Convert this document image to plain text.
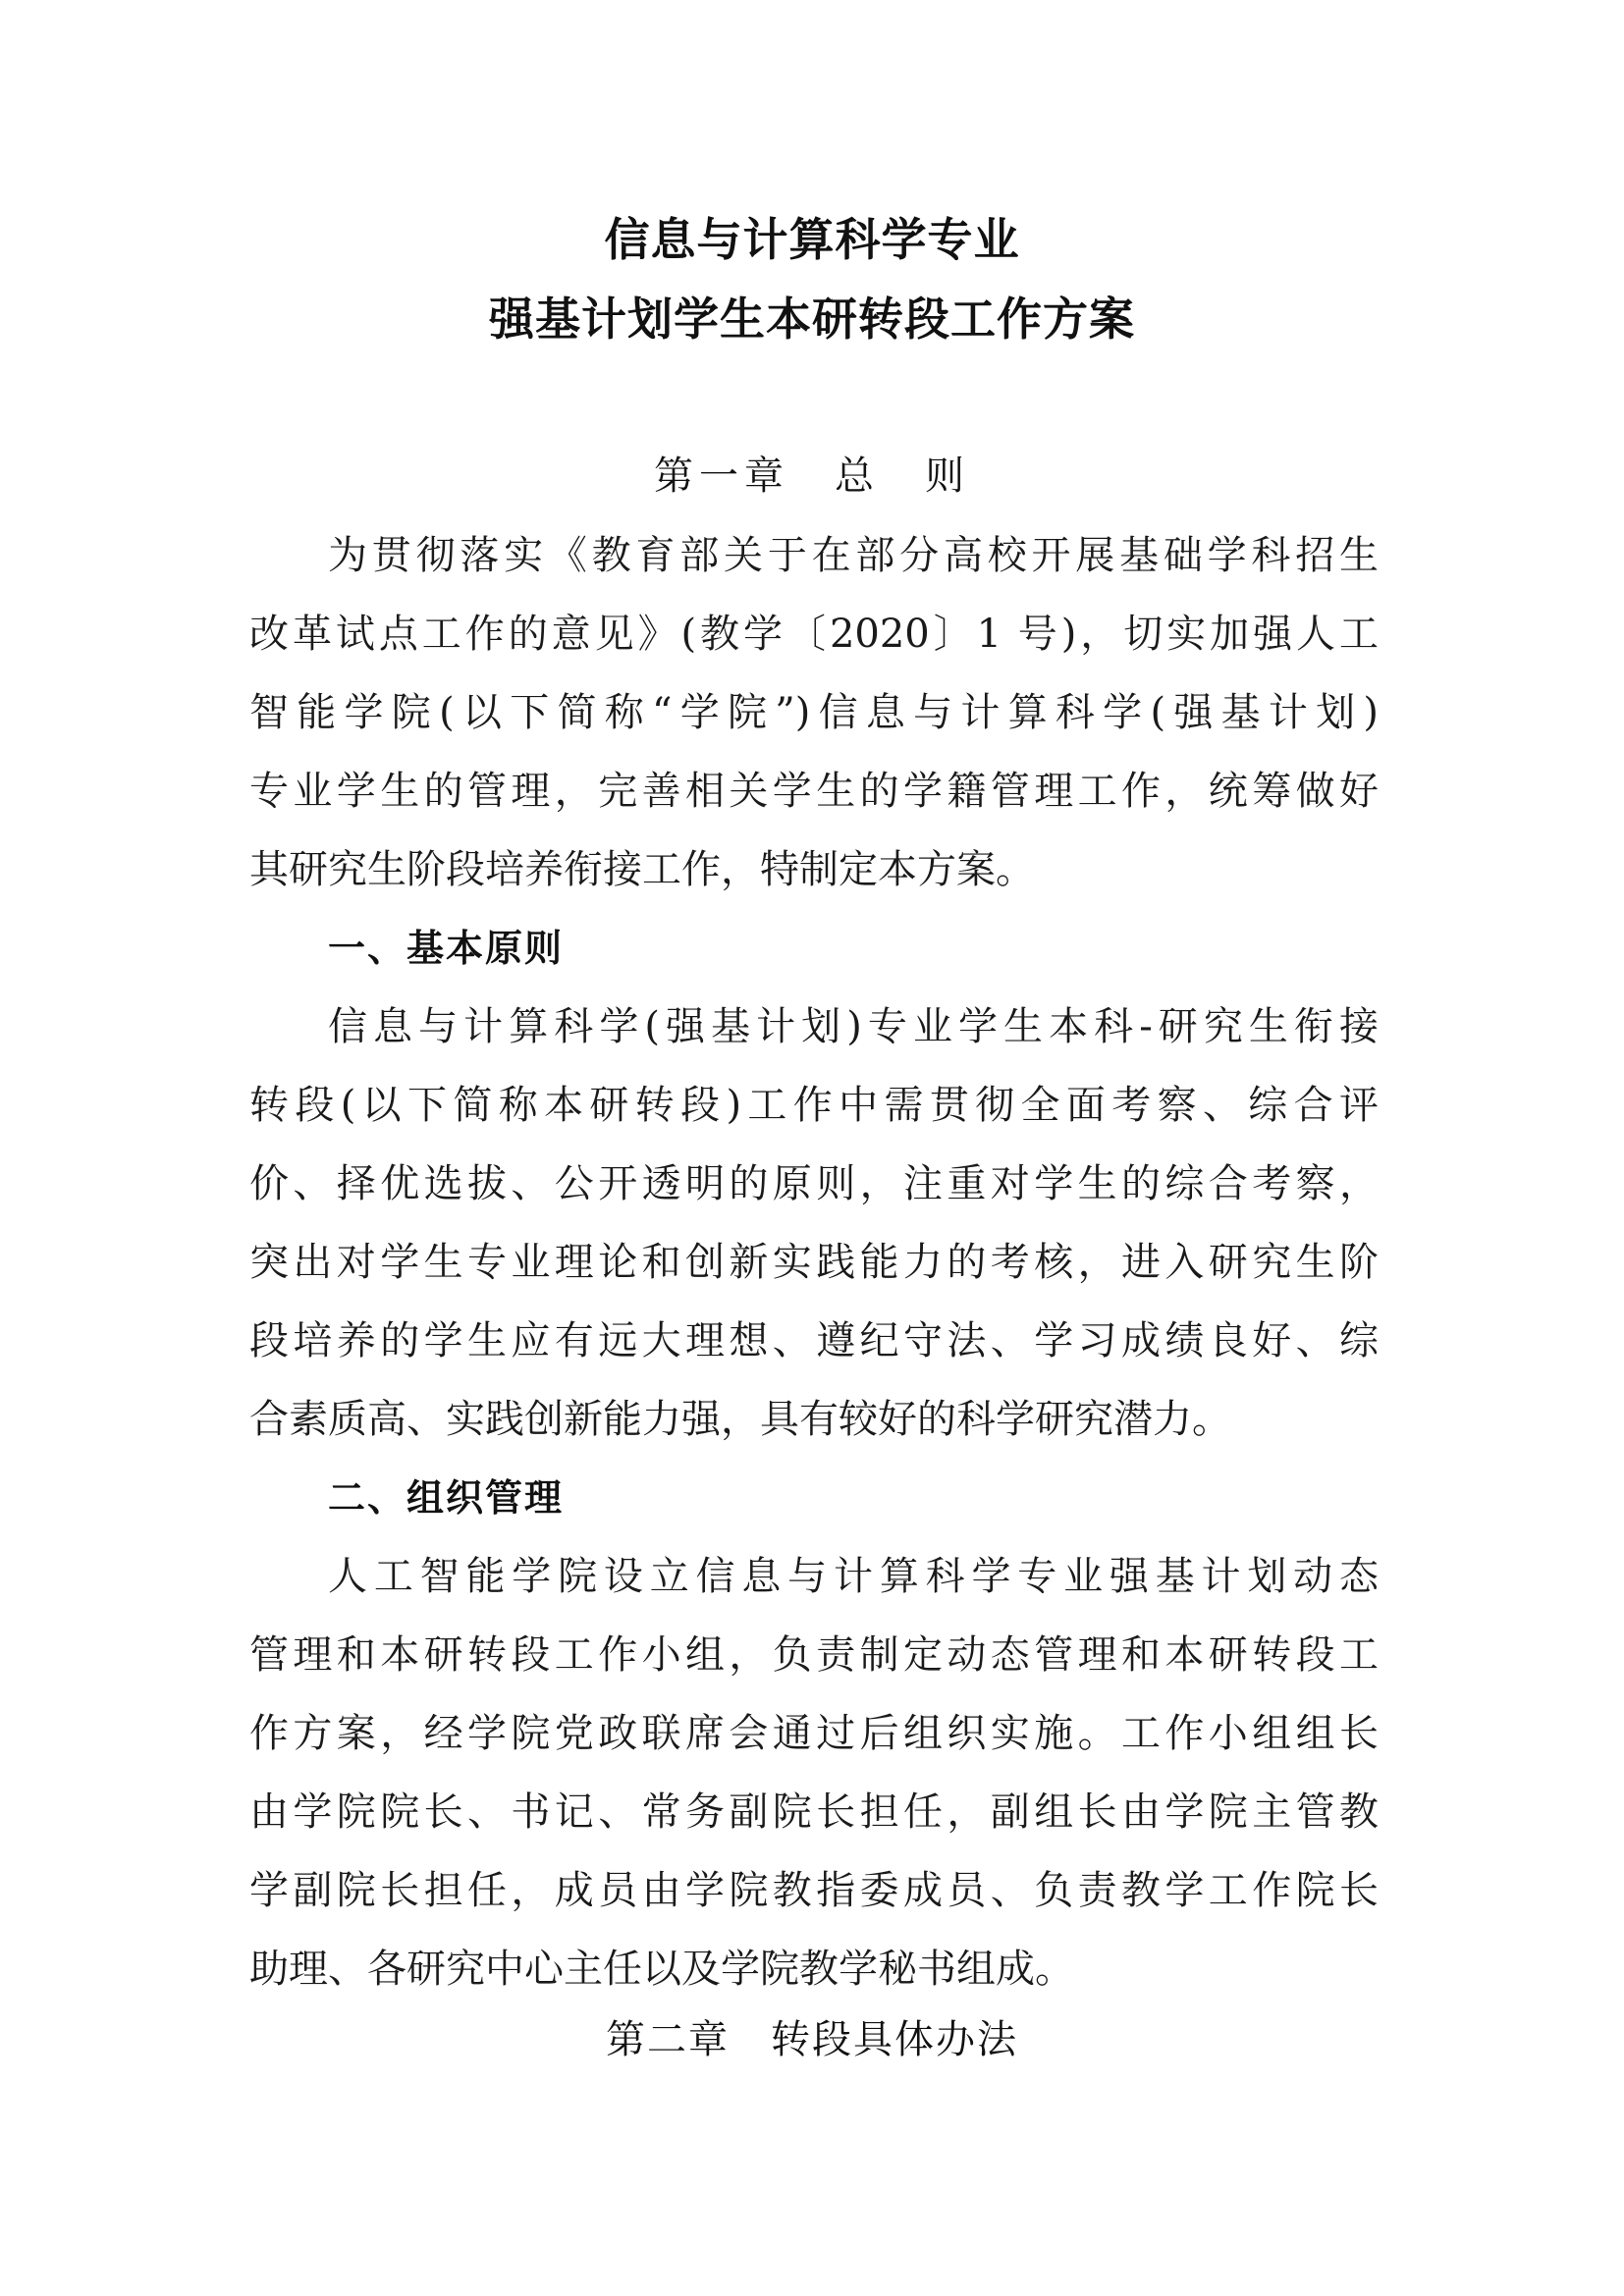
信息与计算科学专业
强基计划学生本研转段工作方案
第一章　总　则
为贯彻落实《教育部关于在部分高校开展基础学科招生
改革试点工作的意见》(教学〔2020〕1 号)，切实加强人工
智能学院(以下简称“学院”)信息与计算科学(强基计划)
专业学生的管理，完善相关学生的学籍管理工作，统筹做好
其研究生阶段培养衔接工作，特制定本方案。
一、基本原则
信息与计算科学(强基计划)专业学生本科-研究生衔接
转段(以下简称本研转段)工作中需贯彻全面考察、综合评
价、择优选拔、公开透明的原则，注重对学生的综合考察，
突出对学生专业理论和创新实践能力的考核，进入研究生阶
段培养的学生应有远大理想、遵纪守法、学习成绩良好、综
合素质高、实践创新能力强，具有较好的科学研究潜力。
二、组织管理
人工智能学院设立信息与计算科学专业强基计划动态
管理和本研转段工作小组，负责制定动态管理和本研转段工
作方案，经学院党政联席会通过后组织实施。工作小组组长
由学院院长、书记、常务副院长担任，副组长由学院主管教
学副院长担任，成员由学院教指委成员、负责教学工作院长
助理、各研究中心主任以及学院教学秘书组成。
第二章　转段具体办法
